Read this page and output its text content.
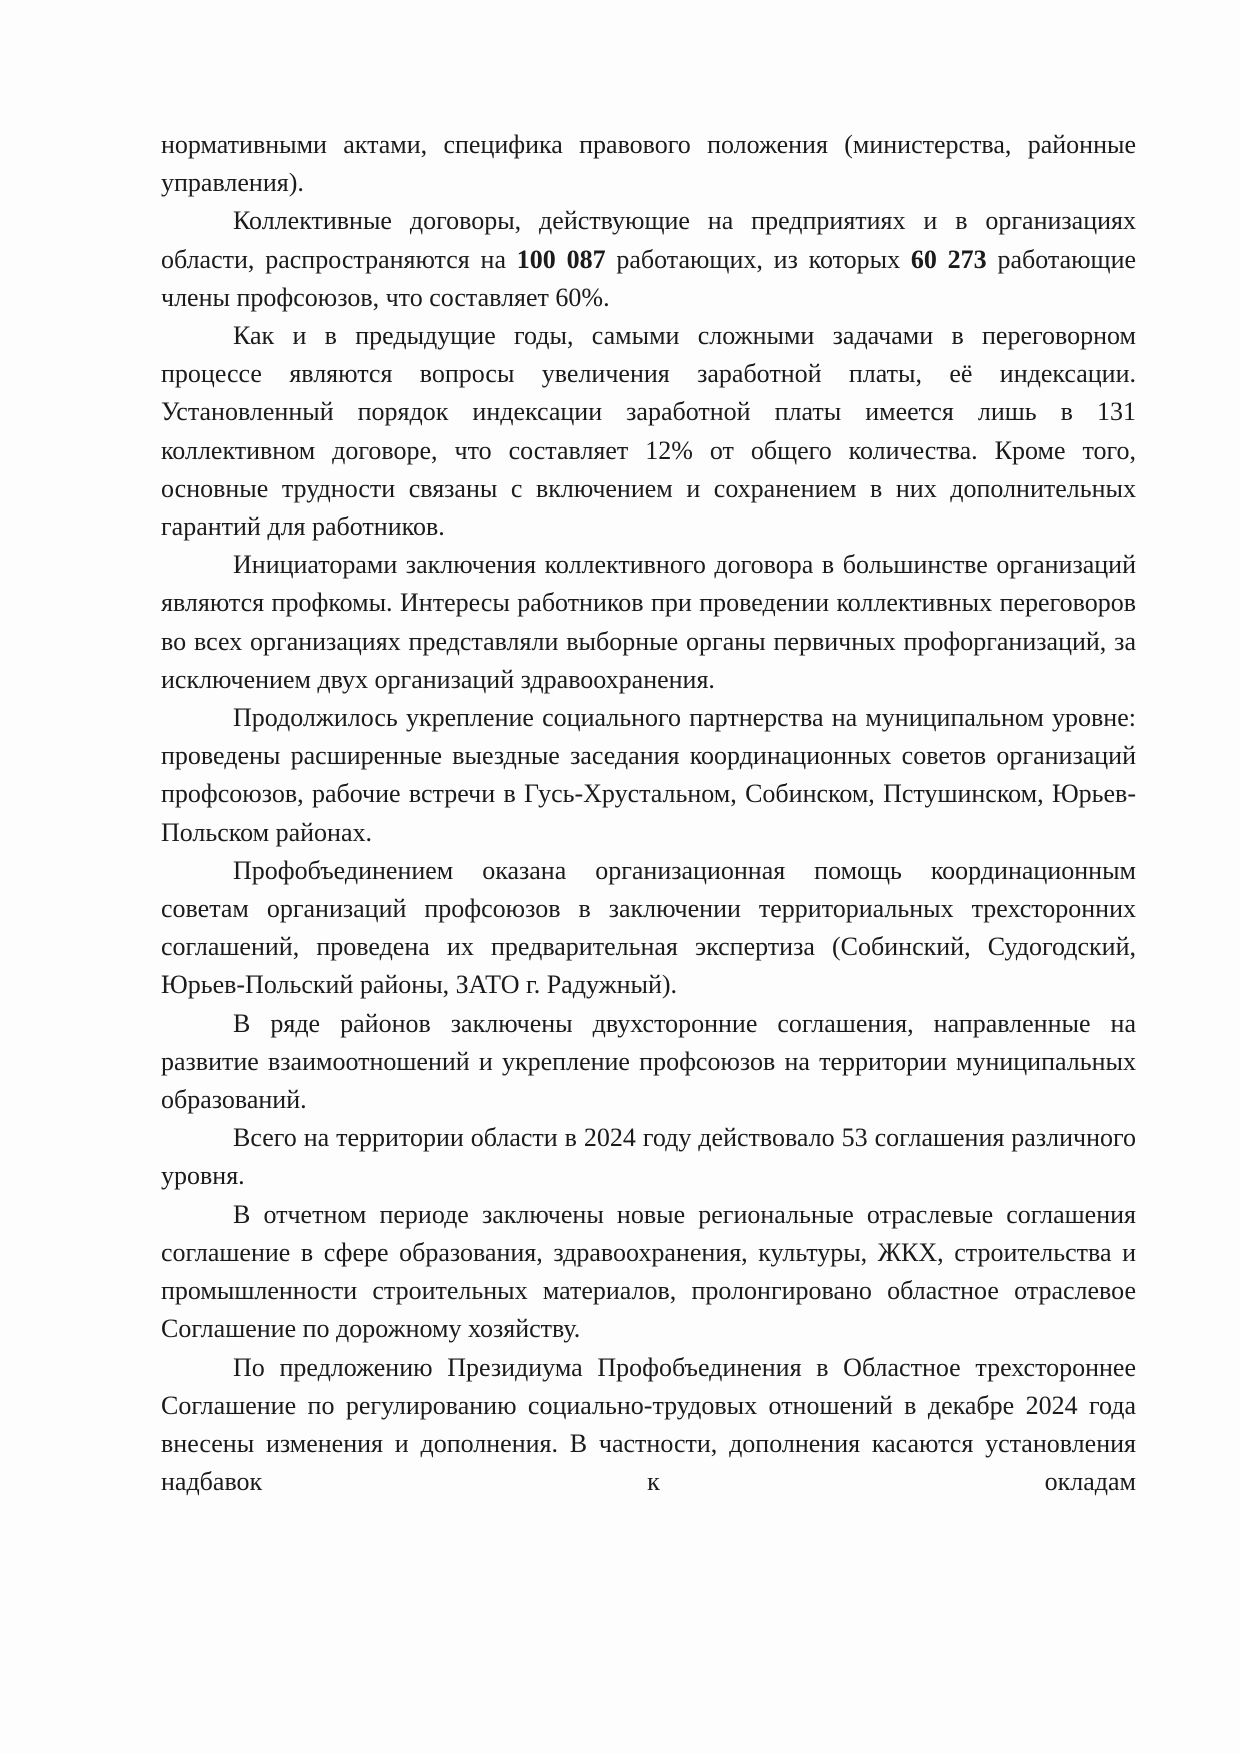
нормативными актами, специфика правового положения (министерства, районные управления).

Коллективные договоры, действующие на предприятиях и в организациях области, распространяются на 100 087 работающих, из которых 60 273 работающие члены профсоюзов, что составляет 60%.

Как и в предыдущие годы, самыми сложными задачами в переговорном процессе являются вопросы увеличения заработной платы, её индексации. Установленный порядок индексации заработной платы имеется лишь в 131 коллективном договоре, что составляет 12% от общего количества. Кроме того, основные трудности связаны с включением и сохранением в них дополнительных гарантий для работников.

Инициаторами заключения коллективного договора в большинстве организаций являются профкомы. Интересы работников при проведении коллективных переговоров во всех организациях представляли выборные органы первичных профорганизаций, за исключением двух организаций здравоохранения.

Продолжилось укрепление социального партнерства на муниципальном уровне: проведены расширенные выездные заседания координационных советов организаций профсоюзов, рабочие встречи в Гусь-Хрустальном, Собинском, Пстушинском, Юрьев-Польском районах.

Профобъединением оказана организационная помощь координационным советам организаций профсоюзов в заключении территориальных трехсторонних соглашений, проведена их предварительная экспертиза (Собинский, Судогодский, Юрьев-Польский районы, ЗАТО г. Радужный).

В ряде районов заключены двухсторонние соглашения, направленные на развитие взаимоотношений и укрепление профсоюзов на территории муниципальных образований.

Всего на территории области в 2024 году действовало 53 соглашения различного уровня.

В отчетном периоде заключены новые региональные отраслевые соглашения соглашение в сфере образования, здравоохранения, культуры, ЖКХ, строительства и промышленности строительных материалов, пролонгировано областное отраслевое Соглашение по дорожному хозяйству.

По предложению Президиума Профобъединения в Областное трехстороннее Соглашение по регулированию социально-трудовых отношений в декабре 2024 года внесены изменения и дополнения. В частности, дополнения касаются установления надбавок к окладам
